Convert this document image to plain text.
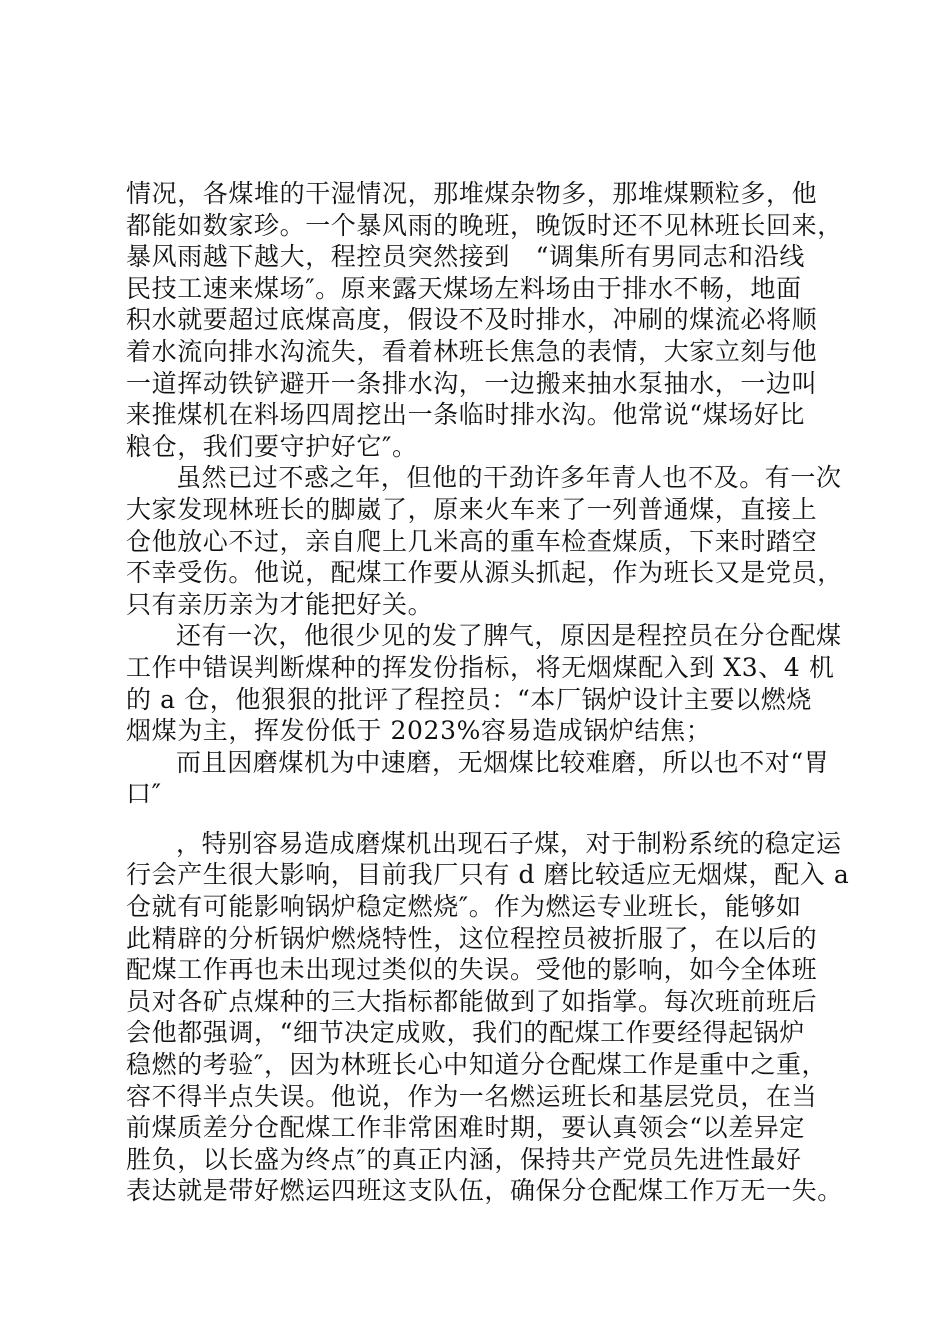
情况，各煤堆的干湿情况，那堆煤杂物多，那堆煤颗粒多，他
都能如数家珍。一个暴风雨的晚班，晚饭时还不见林班长回来，
暴风雨越下越大，程控员突然接到　“调集所有男同志和沿线
民技工速来煤场″。原来露天煤场左料场由于排水不畅，地面
积水就要超过底煤高度，假设不及时排水，冲刷的煤流必将顺
着水流向排水沟流失，看着林班长焦急的表情，大家立刻与他
一道挥动铁铲避开一条排水沟，一边搬来抽水泵抽水，一边叫
来推煤机在料场四周挖出一条临时排水沟。他常说“煤场好比
粮仓，我们要守护好它″。
虽然已过不惑之年，但他的干劲许多年青人也不及。有一次
大家发现林班长的脚崴了，原来火车来了一列普通煤，直接上
仓他放心不过，亲自爬上几米高的重车检查煤质，下来时踏空
不幸受伤。他说，配煤工作要从源头抓起，作为班长又是党员，
只有亲历亲为才能把好关。
还有一次，他很少见的发了脾气，原因是程控员在分仓配煤
工作中错误判断煤种的挥发份指标，将无烟煤配入到 X3、4 机
的 a 仓，他狠狠的批评了程控员：“本厂锅炉设计主要以燃烧
烟煤为主，挥发份低于 2023%容易造成锅炉结焦；
而且因磨煤机为中速磨，无烟煤比较难磨，所以也不对“胃
口″
，特别容易造成磨煤机出现石子煤，对于制粉系统的稳定运
行会产生很大影响，目前我厂只有 d 磨比较适应无烟煤，配入 a
仓就有可能影响锅炉稳定燃烧″。作为燃运专业班长，能够如
此精辟的分析锅炉燃烧特性，这位程控员被折服了，在以后的
配煤工作再也未出现过类似的失误。受他的影响，如今全体班
员对各矿点煤种的三大指标都能做到了如指掌。每次班前班后
会他都强调，“细节决定成败，我们的配煤工作要经得起锅炉
稳燃的考验″，因为林班长心中知道分仓配煤工作是重中之重，
容不得半点失误。他说，作为一名燃运班长和基层党员，在当
前煤质差分仓配煤工作非常困难时期，要认真领会“以差异定
胜负，以长盛为终点″的真正内涵，保持共产党员先进性最好
表达就是带好燃运四班这支队伍，确保分仓配煤工作万无一失。
